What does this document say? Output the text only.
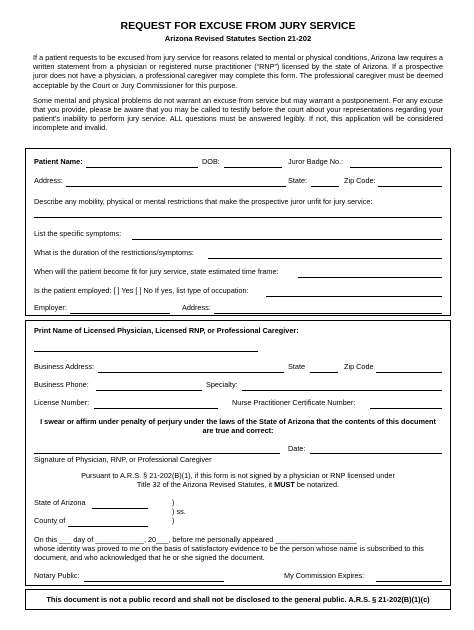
REQUEST FOR EXCUSE FROM JURY SERVICE
Arizona Revised Statutes Section 21-202
If a patient requests to be excused from jury service for reasons related to mental or physical conditions, Arizona law requires a written statement from a physician or registered nurse practitioner (“RNP”) licensed by the state of Arizona. If a prospective juror does not have a physician, a professional caregiver may complete this form. The professional caregiver must be deemed acceptable by the Court or Jury Commissioner for this purpose.
Some mental and physical problems do not warrant an excuse from service but may warrant a postponement. For any excuse that you provide, please be aware that you may be called to testify before the court about your representations regarding your patient’s inability to perform jury service. ALL questions must be answered legibly. If not, this application will be considered incomplete and invalid.
Patient Name:	DOB:	Juror Badge No.:
Address:	State:	Zip Code:
Describe any mobility, physical or mental restrictions that make the prospective juror unfit for jury service:
List the specific symptoms:
What is the duration of the restrictions/symptoms:
When will the patient become fit for jury service, state estimated time frame:
Is the patient employed: [ ] Yes [ ] No If yes, list type of occupation:
Employer:	Address:
Print Name of Licensed Physician, Licensed RNP, or Professional Caregiver:
Business Address:	State	Zip Code
Business Phone:	Specialty:
License Number:	Nurse Practitioner Certificate Number:
I swear or affirm under penalty of perjury under the laws of the State of Arizona that the contents of this document are true and correct:
Date:
Signature of Physician, RNP, or Professional Caregiver
Pursuant to A.R.S. § 21-202(B)(1), if this form is not signed by a physician or RNP licensed under
Title 32 of the Arizona Revised Statutes, it MUST be notarized.
State of Arizona	)
) ss.
)
County of
On this ___ day of ____________, 20___, before me personally appeared ____________________
whose identity was proved to me on the basis of satisfactory evidence to be the person whose name is subscribed to this document, and who acknowledged that he or she signed the document.
Notary Public:	My Commission Expires:
This document is not a public record and shall not be disclosed to the general public. A.R.S. § 21-202(B)(1)(c)
